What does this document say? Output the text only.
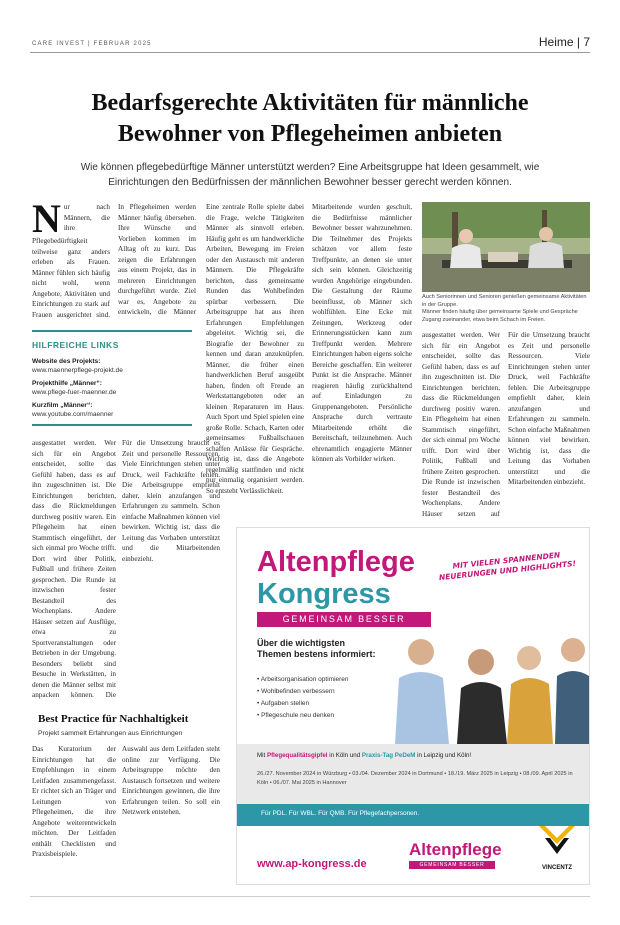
CARE INVEST | FEBRUAR 2025	Heime | 7
Bedarfsgerechte Aktivitäten für männliche
Bewohner von Pflegeheimen anbieten
Wie können pflegebedürftige Männer unterstützt werden? Eine Arbeitsgruppe hat Ideen gesammelt, wie Einrichtungen den Bedürfnissen der männlichen Bewohner besser gerecht werden können.
N ur nach Männern, die ihre Pflegebedürftigkeit teilweise ganz anders erleben als Frauen. Männer fühlen sich häufig nicht wohl, wenn Angebote, Aktivitäten und Einrichtungen zu stark auf Frauen ausgerichtet sind.
In Pflegeheimen werden Männer häufig übersehen. Ihre Wünsche und Vorlieben kommen im Alltag oft zu kurz. Das zeigen die Erfahrungen aus einem Projekt, das in mehreren Einrichtungen durchgeführt wurde. Ziel war es, Angebote zu entwickeln, die Männer
HILFREICHE LINKS
Website des Projekts:
www.maennerpflege-projekt.de
Projekthilfe „Männer“:
www.pflege-fuer-maenner.de
Kurzfilm „Männer“:
www.youtube.com/maenner
Eine zentrale Rolle spielte dabei die Frage, welche Tätigkeiten Männer als sinnvoll erleben. Häufig geht es um handwerkliche Arbeiten, Bewegung im Freien oder den Austausch mit anderen Männern. Die Pflegekräfte berichten, dass gemeinsame Runden das Wohlbefinden spürbar verbessern. Die Arbeitsgruppe hat aus ihren Erfahrungen Empfehlungen abgeleitet. Wichtig sei, die Biografie der Bewohner zu kennen und daran anzuknüpfen. Männer, die früher einen handwerklichen Beruf ausgeübt haben, finden oft Freude an Werkstattangeboten oder an kleinen Reparaturen im Haus. Auch Sport und Spiel spielen eine große Rolle. Schach, Karten oder gemeinsames Fußballschauen schaffen Anlässe für Gespräche. Wichtig ist, dass die Angebote regelmäßig stattfinden und nicht nur einmalig organisiert werden. So entsteht Verlässlichkeit.
Mitarbeitende wurden geschult, die Bedürfnisse männlicher Bewohner besser wahrzunehmen. Die Teilnehmer des Projekts schätzen vor allem feste Treffpunkte, an denen sie unter sich sein können. Gleichzeitig wurden Angehörige eingebunden. Die Gestaltung der Räume beeinflusst, ob Männer sich wohlfühlen. Eine Ecke mit Zeitungen, Werkzeug oder Erinnerungsstücken kann zum Treffpunkt werden. Mehrere Einrichtungen haben eigens solche Bereiche geschaffen. Ein weiterer Punkt ist die Ansprache. Männer reagieren häufig zurückhaltend auf Einladungen zu Gruppenangeboten. Persönliche Ansprache durch vertraute Mitarbeitende erhöht die Bereitschaft, teilzunehmen. Auch ehrenamtlich engagierte Männer können als Vorbilder wirken.
Auch Seniorinnen und Senioren genießen gemeinsame Aktivitäten in der Gruppe.
Männer finden häufig über gemeinsame Spiele und Gespräche Zugang zueinander, etwa beim Schach im Freien.
ausgestattet werden. Wer sich für ein Angebot entscheidet, sollte das Gefühl haben, dass es auf ihn zugeschnitten ist. Die Einrichtungen berichten, dass die Rückmeldungen durchweg positiv waren. Ein Pflegeheim hat einen Stammtisch eingeführt, der sich einmal pro Woche trifft. Dort wird über Politik, Fußball und frühere Zeiten gesprochen. Die Runde ist inzwischen fester Bestandteil des Wochenplans. Andere Häuser setzen auf
Für die Umsetzung braucht es Zeit und personelle Ressourcen. Viele Einrichtungen stehen unter Druck, weil Fachkräfte fehlen. Die Arbeitsgruppe empfiehlt daher, klein anzufangen und Erfahrungen zu sammeln. Schon einfache Maßnahmen können viel bewirken. Wichtig ist, dass die Leitung das Vorhaben unterstützt und die Mitarbeitenden einbezieht.
ausgestattet werden. Wer sich für ein Angebot entscheidet, sollte das Gefühl haben, dass es auf ihn zugeschnitten ist. Die Einrichtungen berichten, dass die Rückmeldungen durchweg positiv waren. Ein Pflegeheim hat einen Stammtisch eingeführt, der sich einmal pro Woche trifft. Dort wird über Politik, Fußball und frühere Zeiten gesprochen. Die Runde ist inzwischen fester Bestandteil des Wochenplans. Andere Häuser setzen auf Ausflüge, etwa zu Sportveranstaltungen oder Betrieben in der Umgebung. Besonders beliebt sind Besuche in Werkstätten, in denen die Männer selbst mit anpacken können. Die
Für die Umsetzung braucht es Zeit und personelle Ressourcen. Viele Einrichtungen stehen unter Druck, weil Fachkräfte fehlen. Die Arbeitsgruppe empfiehlt daher, klein anzufangen und Erfahrungen zu sammeln. Schon einfache Maßnahmen können viel bewirken. Wichtig ist, dass die Leitung das Vorhaben unterstützt und die Mitarbeitenden einbezieht.
Best Practice für Nachhaltigkeit
Projekt sammelt Erfahrungen aus Einrichtungen
Das Kuratorium der Einrichtungen hat die Empfehlungen in einem Leitfaden zusammengefasst. Er richtet sich an Träger und Leitungen von Pflegeheimen, die ihre Angebote weiterentwickeln möchten. Der Leitfaden enthält Checklisten und Praxisbeispiele.
Auswahl aus dem Leitfaden steht online zur Verfügung. Die Arbeitsgruppe möchte den Austausch fortsetzen und weitere Einrichtungen gewinnen, die ihre Erfahrungen teilen. So soll ein Netzwerk entstehen.
Altenpflege
Kongress
GEMEINSAM BESSER
MIT VIELEN SPANNENDEN NEUERUNGEN UND HIGHLIGHTS!
Über die wichtigsten Themen bestens informiert:
• Arbeitsorganisation optimieren
• Wohlbefinden verbessern
• Aufgaben stellen
• Pflegeschule neu denken
Mit Pflegequalitätsgipfel in Köln und Praxis-Tag PeDeM in Leipzig und Köln!
26./27. November 2024 in Würzburg • 03./04. Dezember 2024 in Dortmund • 18./19. März 2025 in Leipzig • 08./09. April 2025 in Köln • 06./07. Mai 2025 in Hannover
Für PDL. Für WBL. Für QMB. Für Pflegefachpersonen.
www.ap-kongress.de
Altenpflege
GEMEINSAM BESSER	VINCENTZ
